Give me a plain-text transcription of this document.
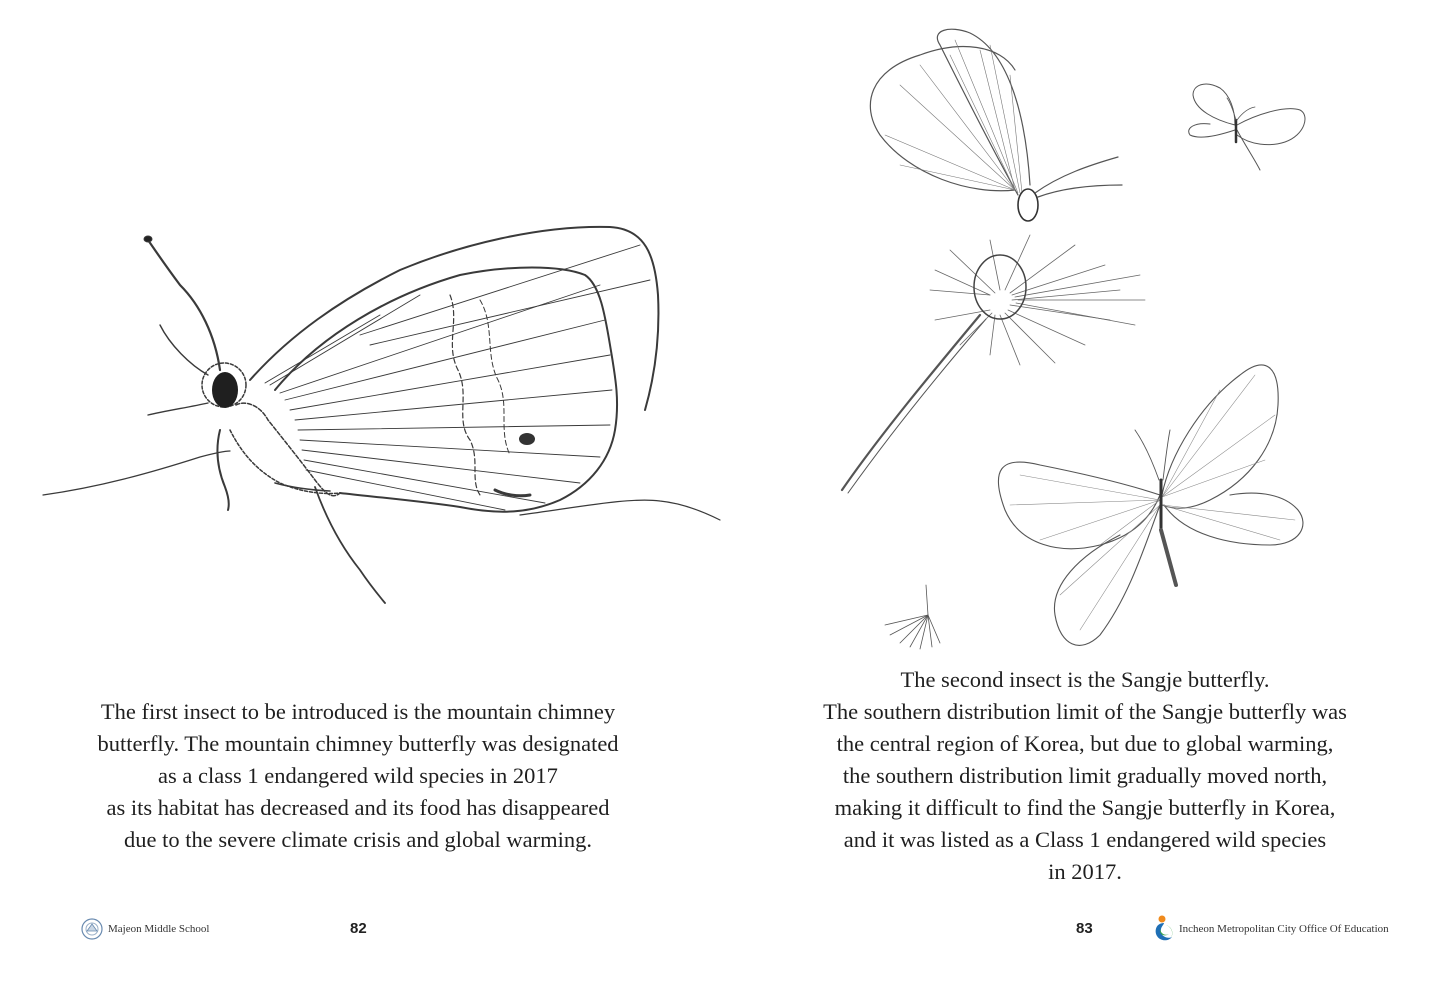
The first insect to be introduced is the mountain chimney
butterfly. The mountain chimney butterfly was designated
as a class 1 endangered wild species in 2017
as its habitat has decreased and its food has disappeared
due to the severe climate crisis and global warming.

Majeon Middle School	82

The second insect is the Sangje butterfly.
The southern distribution limit of the Sangje butterfly was
the central region of Korea, but due to global warming,
the southern distribution limit gradually moved north,
making it difficult to find the Sangje butterfly in Korea,
and it was listed as a Class 1 endangered wild species
in 2017.

83	Incheon Metropolitan City Office Of Education
